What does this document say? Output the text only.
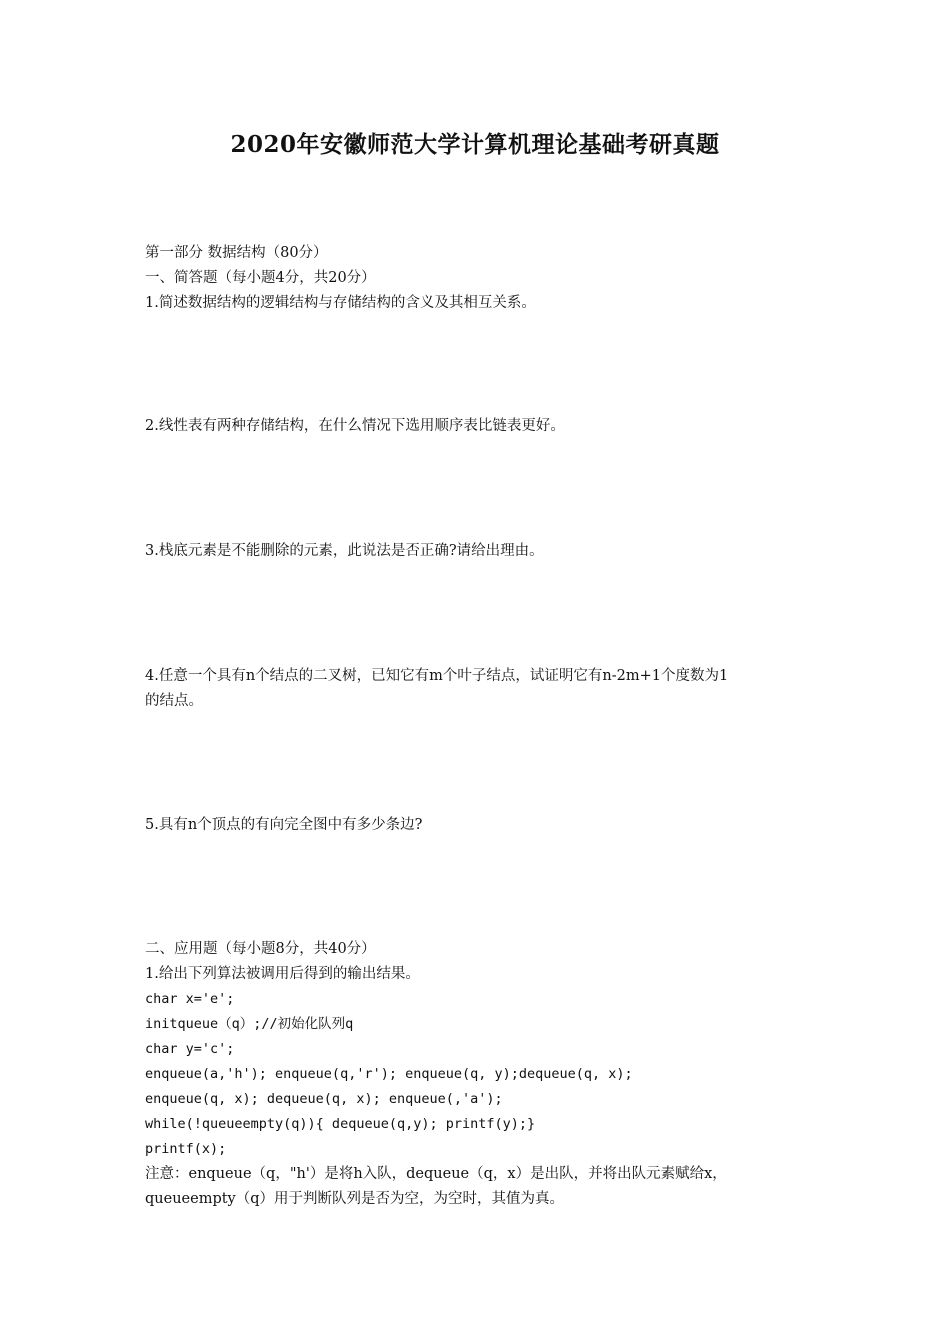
2020年安徽师范大学计算机理论基础考研真题
第一部分 数据结构（80分）
一、简答题（每小题4分，共20分）
1.简述数据结构的逻辑结构与存储结构的含义及其相互关系。
2.线性表有两种存储结构，在什么情况下选用顺序表比链表更好。
3.栈底元素是不能删除的元素，此说法是否正确?请给出理由。
4.任意一个具有n个结点的二叉树，已知它有m个叶子结点，试证明它有n-2m+1个度数为1
的结点。
5.具有n个顶点的有向完全图中有多少条边?
二、应用题（每小题8分，共40分）
1.给出下列算法被调用后得到的输出结果。
char x='e';
initqueue（q）;//初始化队列q
char y='c';
enqueue(a,'h'); enqueue(q,'r'); enqueue(q, y);dequeue(q, x);
enqueue(q, x); dequeue(q, x); enqueue(,'a');
while(!queueempty(q)){ dequeue(q,y); printf(y);}
printf(x);
注意：enqueue（q，"h'）是将h入队，dequeue（q，x）是出队，并将出队元素赋给x，
queueempty（q）用于判断队列是否为空，为空时，其值为真。
